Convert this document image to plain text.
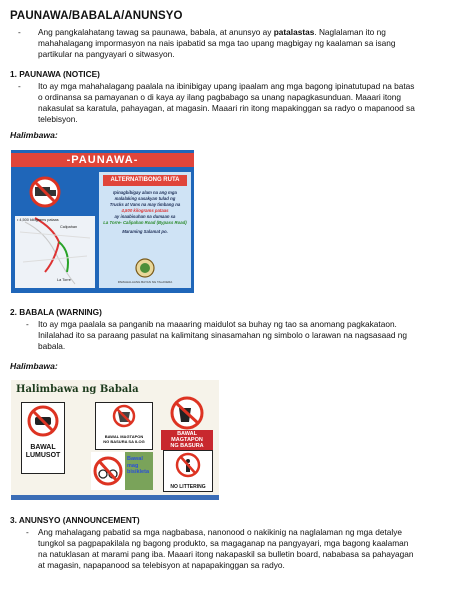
PAUNAWA/BABALA/ANUNSYO
- Ang pangkalahatang tawag sa paunawa, babala, at anunsyo ay patalastas. Naglalaman ito ng
mahahalagang impormasyon na nais ipabatid sa mga tao upang magbigay ng kaalaman sa isang
partikular na pangyayari o sitwasyon.
1. PAUNAWA (NOTICE)
- Ito ay mga mahahalagang paalala na ibinibigay upang ipaalam ang mga bagong ipinatutupad na batas
o ordinansa sa pamayanan o di kaya ay ilang pagbabago sa unang napagkasunduan. Maaari itong
nakasulat sa karatula, pahayagan, at magasin. Maaari rin itong mapakinggan sa radyo o mapanood sa
telebisyon.
Halimbawa:
-PAUNAWA-
• 4,500 kilograms pataas
Calipahan
La Torre
ALTERNATIBONG RUTA
Ipinagbibigay alam na ang mga malalaking sasakyan tulad ng
Trucks at Vans na may timbang na
4,500 kilograms pataas
ay inaabisuhan na dumaan sa
La Torre- Calipahan Road (Bypass Road)
Maraming Salamat po.
PAMAHALAANG BAYAN NG TALAVERA
2. BABALA (WARNING)
- Ito ay mga paalala sa panganib na maaaring maidulot sa buhay ng tao sa anomang pagkakataon.
Inilalahad ito sa paraang pasulat na kalimitang sinasamahan ng simbolo o larawan na nagsasaad ng
babala.
Halimbawa:
Halimbawa ng Babala
BAWAL
LUMUSOT
BAWAL MAGTAPON
NG BASURA SA ILOG
Bawal mag bisikleta
BAWAL
MAGTAPON
NG BASURA
NO LITTERING
3. ANUNSYO (ANNOUNCEMENT)
- Ang mahalagang pabatid sa mga nagbabasa, nanonood o nakikinig na naglalaman ng mga detalye
tungkol sa pagpapakilala ng bagong produkto, sa magaganap na pangyayari, mga bagong kaalaman
na natuklasan at marami pang iba. Maaari itong nakapaskil sa bulletin board, nababasa sa pahayagan
at magasin, napapanood sa telebisyon at napapakinggan sa radyo.
